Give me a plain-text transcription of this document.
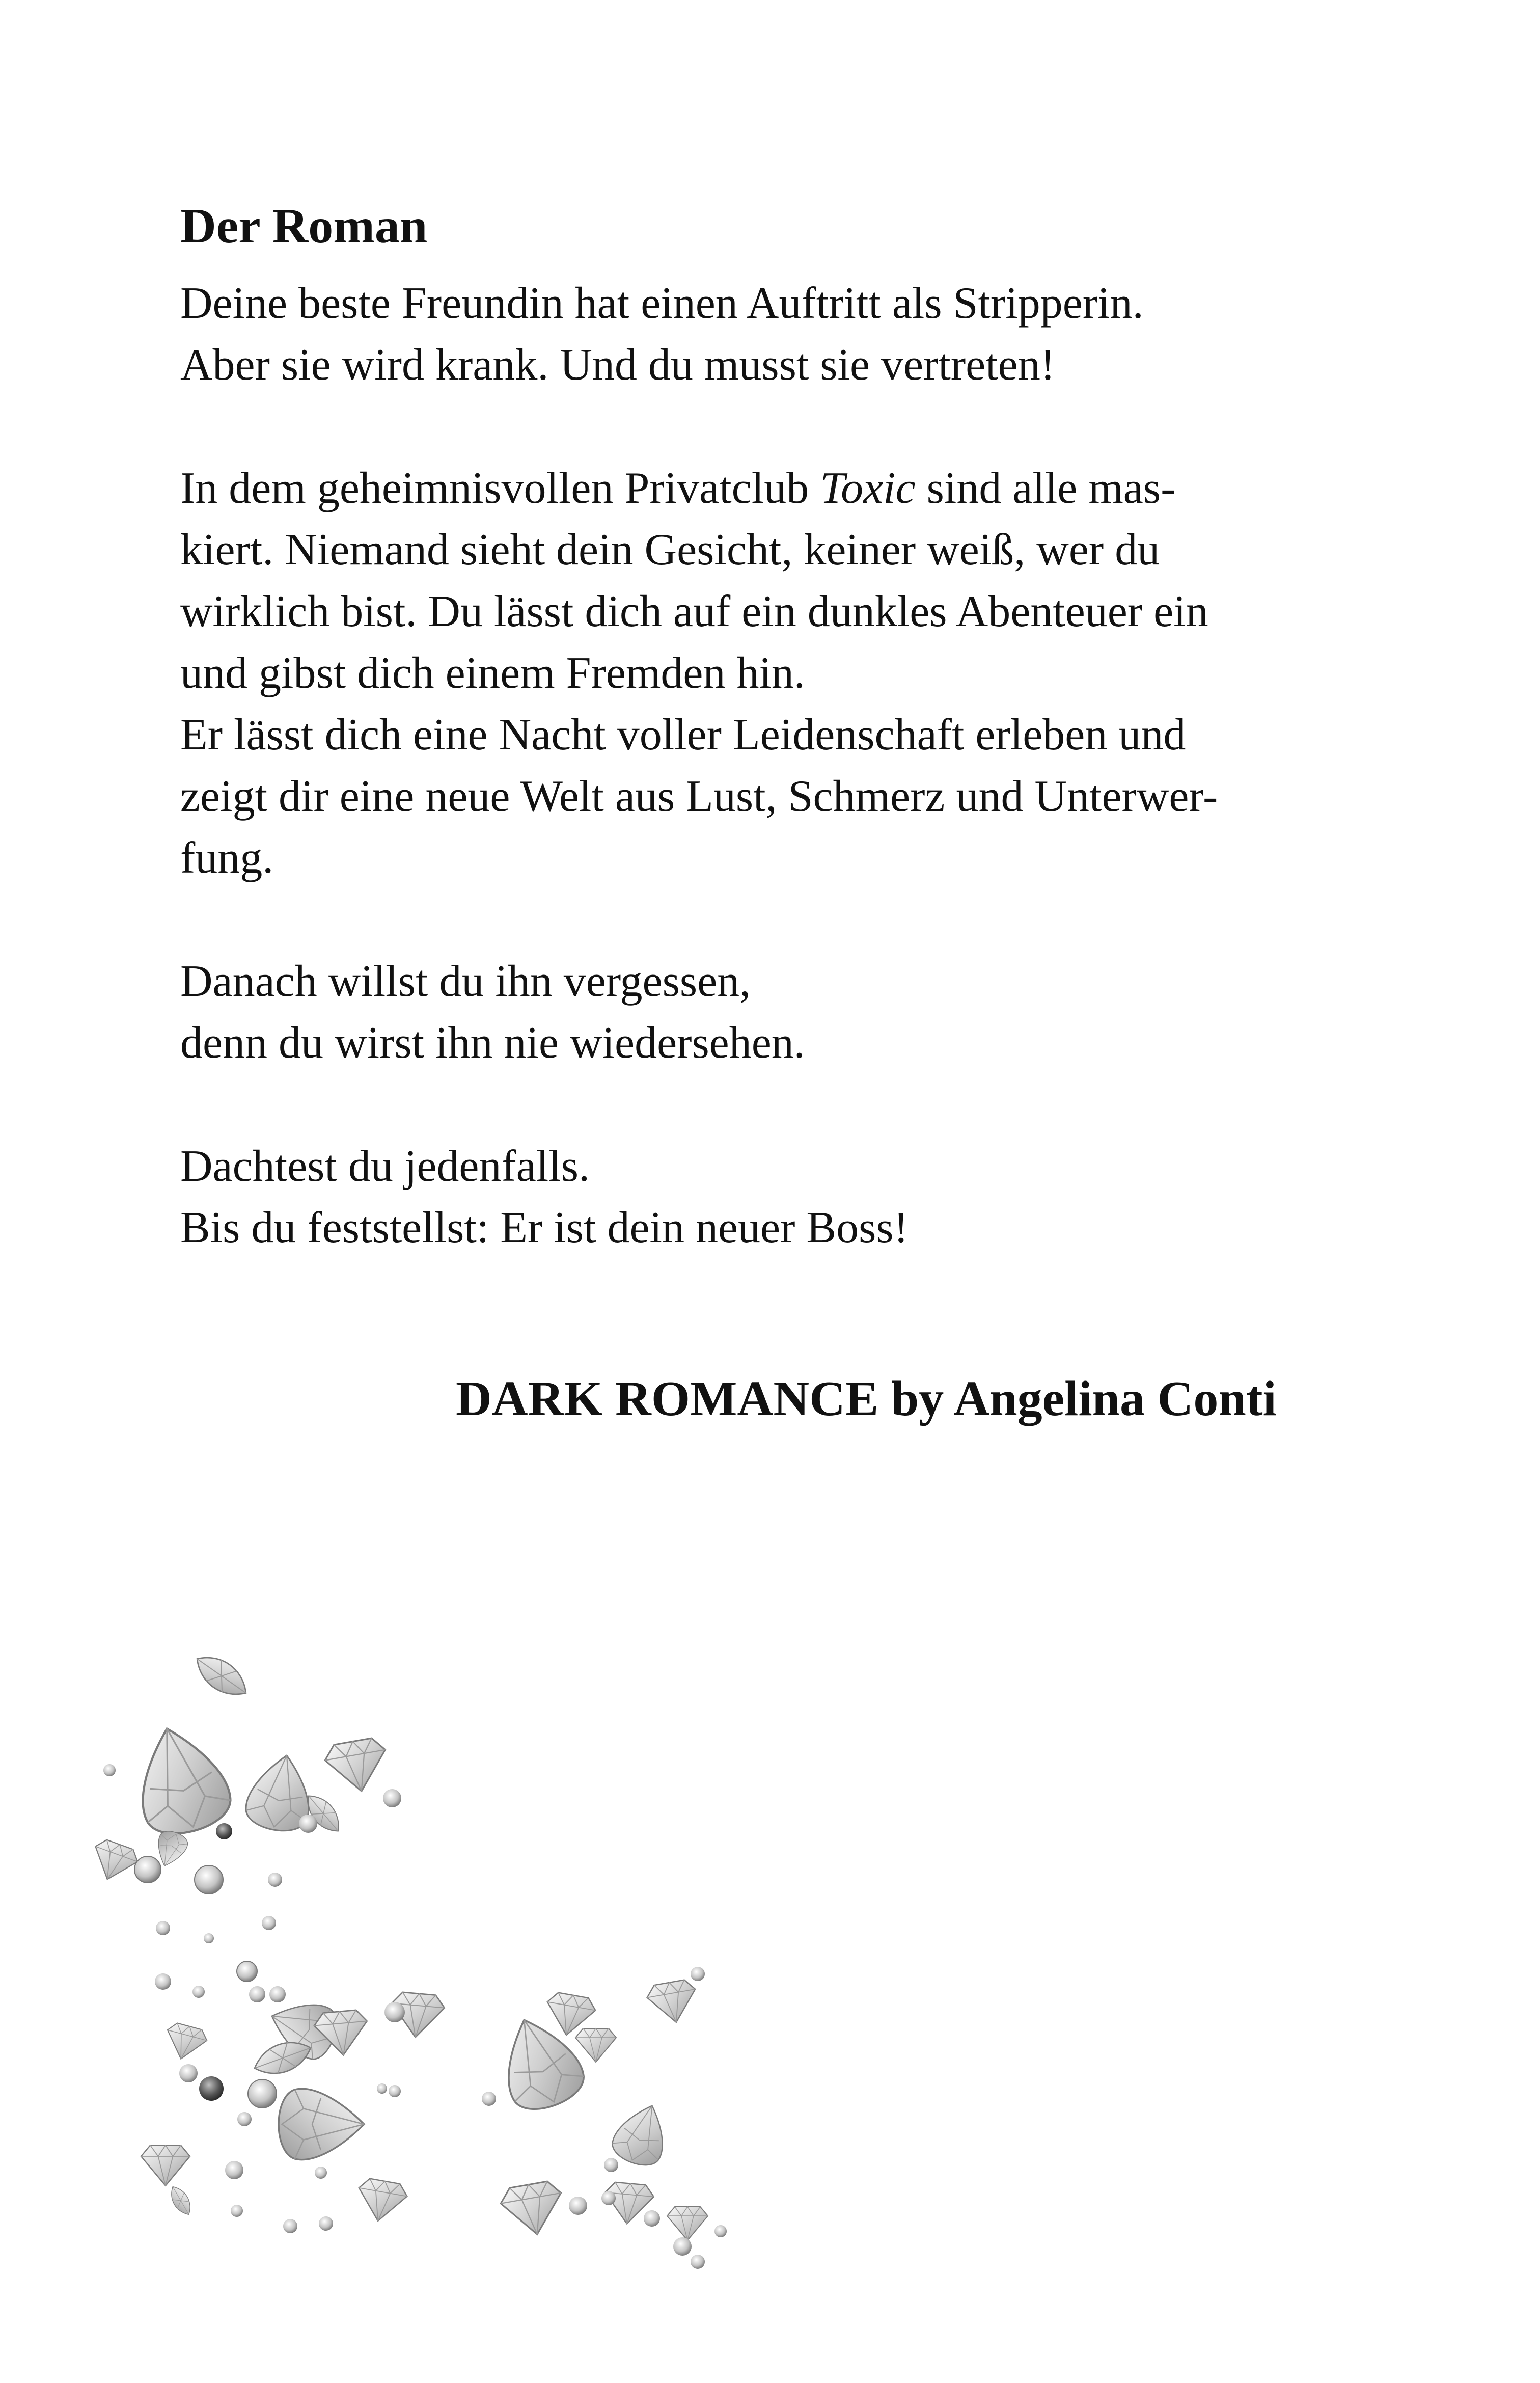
Der Roman
Deine beste Freundin hat einen Auftritt als Stripperin.
Aber sie wird krank. Und du musst sie vertreten!
In dem geheimnisvollen Privatclub Toxic sind alle mas-
kiert. Niemand sieht dein Gesicht, keiner weiß, wer du
wirklich bist. Du lässt dich auf ein dunkles Abenteuer ein
und gibst dich einem Fremden hin.
Er lässt dich eine Nacht voller Leidenschaft erleben und
zeigt dir eine neue Welt aus Lust, Schmerz und Unterwer-
fung.
Danach willst du ihn vergessen,
denn du wirst ihn nie wiedersehen.
Dachtest du jedenfalls.
Bis du feststellst: Er ist dein neuer Boss!
DARK ROMANCE by Angelina Conti
